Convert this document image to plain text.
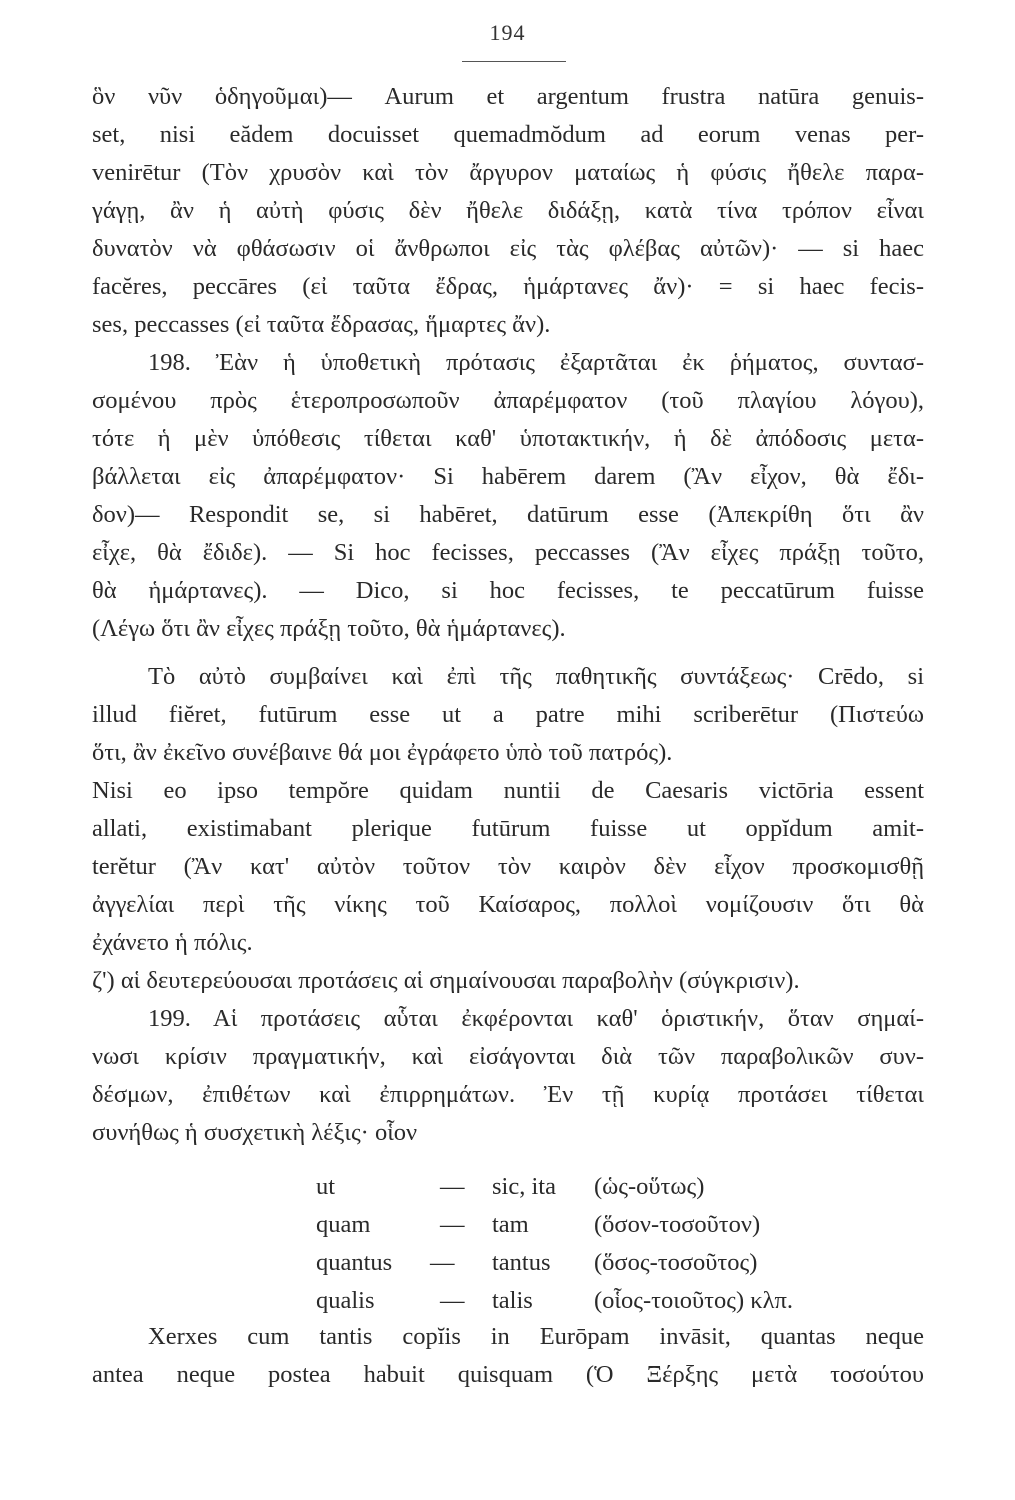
194
ὃν νῦν ὁδηγοῦμαι)— Aurum et argentum frustra natūra genuis-
set, nisi eădem docuisset quemadmŏdum ad eorum venas per-
venirētur (Τὸν χρυσὸν καὶ τὸν ἄργυρον ματαίως ἡ φύσις ἤθελε παρα-
γάγῃ, ἂν ἡ αὐτὴ φύσις δὲν ἤθελε διδάξῃ, κατὰ τίνα τρόπον εἶναι
δυνατὸν νὰ φθάσωσιν οἱ ἄνθρωποι εἰς τὰς φλέβας αὐτῶν)· — si haec
facĕres, peccāres (εἰ ταῦτα ἔδρας, ἡμάρτανες ἄν)· = si haec fecis-
ses, peccasses (εἰ ταῦτα ἔδρασας, ἥμαρτες ἄν).
198. Ἐὰν ἡ ὑποθετικὴ πρότασις ἐξαρτᾶται ἐκ ῥήματος, συντασ-
σομένου πρὸς ἑτεροπροσωποῦν ἀπαρέμφατον (τοῦ πλαγίου λόγου),
τότε ἡ μὲν ὑπόθεσις τίθεται καθ' ὑποτακτικήν, ἡ δὲ ἀπόδοσις μετα-
βάλλεται εἰς ἀπαρέμφατον· Si habērem darem (Ἂν εἶχον, θὰ ἔδι-
δον)— Respondit se, si habēret, datūrum esse (Ἀπεκρίθη ὅτι ἂν
εἶχε, θὰ ἔδιδε). — Si hoc fecisses, peccasses (Ἂν εἶχες πράξῃ τοῦτο,
θὰ ἡμάρτανες). — Dico, si hoc fecisses, te peccatūrum fuisse
(Λέγω ὅτι ἂν εἶχες πράξῃ τοῦτο, θὰ ἡμάρτανες).
Τὸ αὐτὸ συμβαίνει καὶ ἐπὶ τῆς παθητικῆς συντάξεως· Crēdo, si
illud fiĕret, futūrum esse ut a patre mihi scriberētur (Πιστεύω
ὅτι, ἂν ἐκεῖνο συνέβαινε θά μοι ἐγράφετο ὑπὸ τοῦ πατρός).
Nisi eo ipso tempŏre quidam nuntii de Caesaris victōria essent
allati, existimabant plerique futūrum fuisse ut oppĭdum amit-
terĕtur (Ἂν κατ' αὐτὸν τοῦτον τὸν καιρὸν δὲν εἶχον προσκομισθῇ
ἀγγελίαι περὶ τῆς νίκης τοῦ Καίσαρος, πολλοὶ νομίζουσιν ὅτι θὰ
ἐχάνετο ἡ πόλις.
ζ') αἱ δευτερεύουσαι προτάσεις αἱ σημαίνουσαι παραβολὴν (σύγκρισιν).
199. Αἱ προτάσεις αὗται ἐκφέρονται καθ' ὁριστικήν, ὅταν σημαί-
νωσι κρίσιν πραγματικήν, καὶ εἰσάγονται διὰ τῶν παραβολικῶν συν-
δέσμων, ἐπιθέτων καὶ ἐπιρρημάτων. Ἐν τῇ κυρίᾳ προτάσει τίθεται
συνήθως ἡ συσχετικὴ λέξις· οἷον
ut	— sic, ita (ὡς-οὕτως)
quam	— tam	(ὅσον-τοσοῦτον)
quantus — tantus (ὅσος-τοσοῦτος)
qualis	— talis (οἷος-τοιοῦτος) κλπ.
Xerxes cum tantis copĭis in Eurōpam invāsit, quantas neque
antea neque postea habuit quisquam (Ὁ Ξέρξης μετὰ τοσούτου
